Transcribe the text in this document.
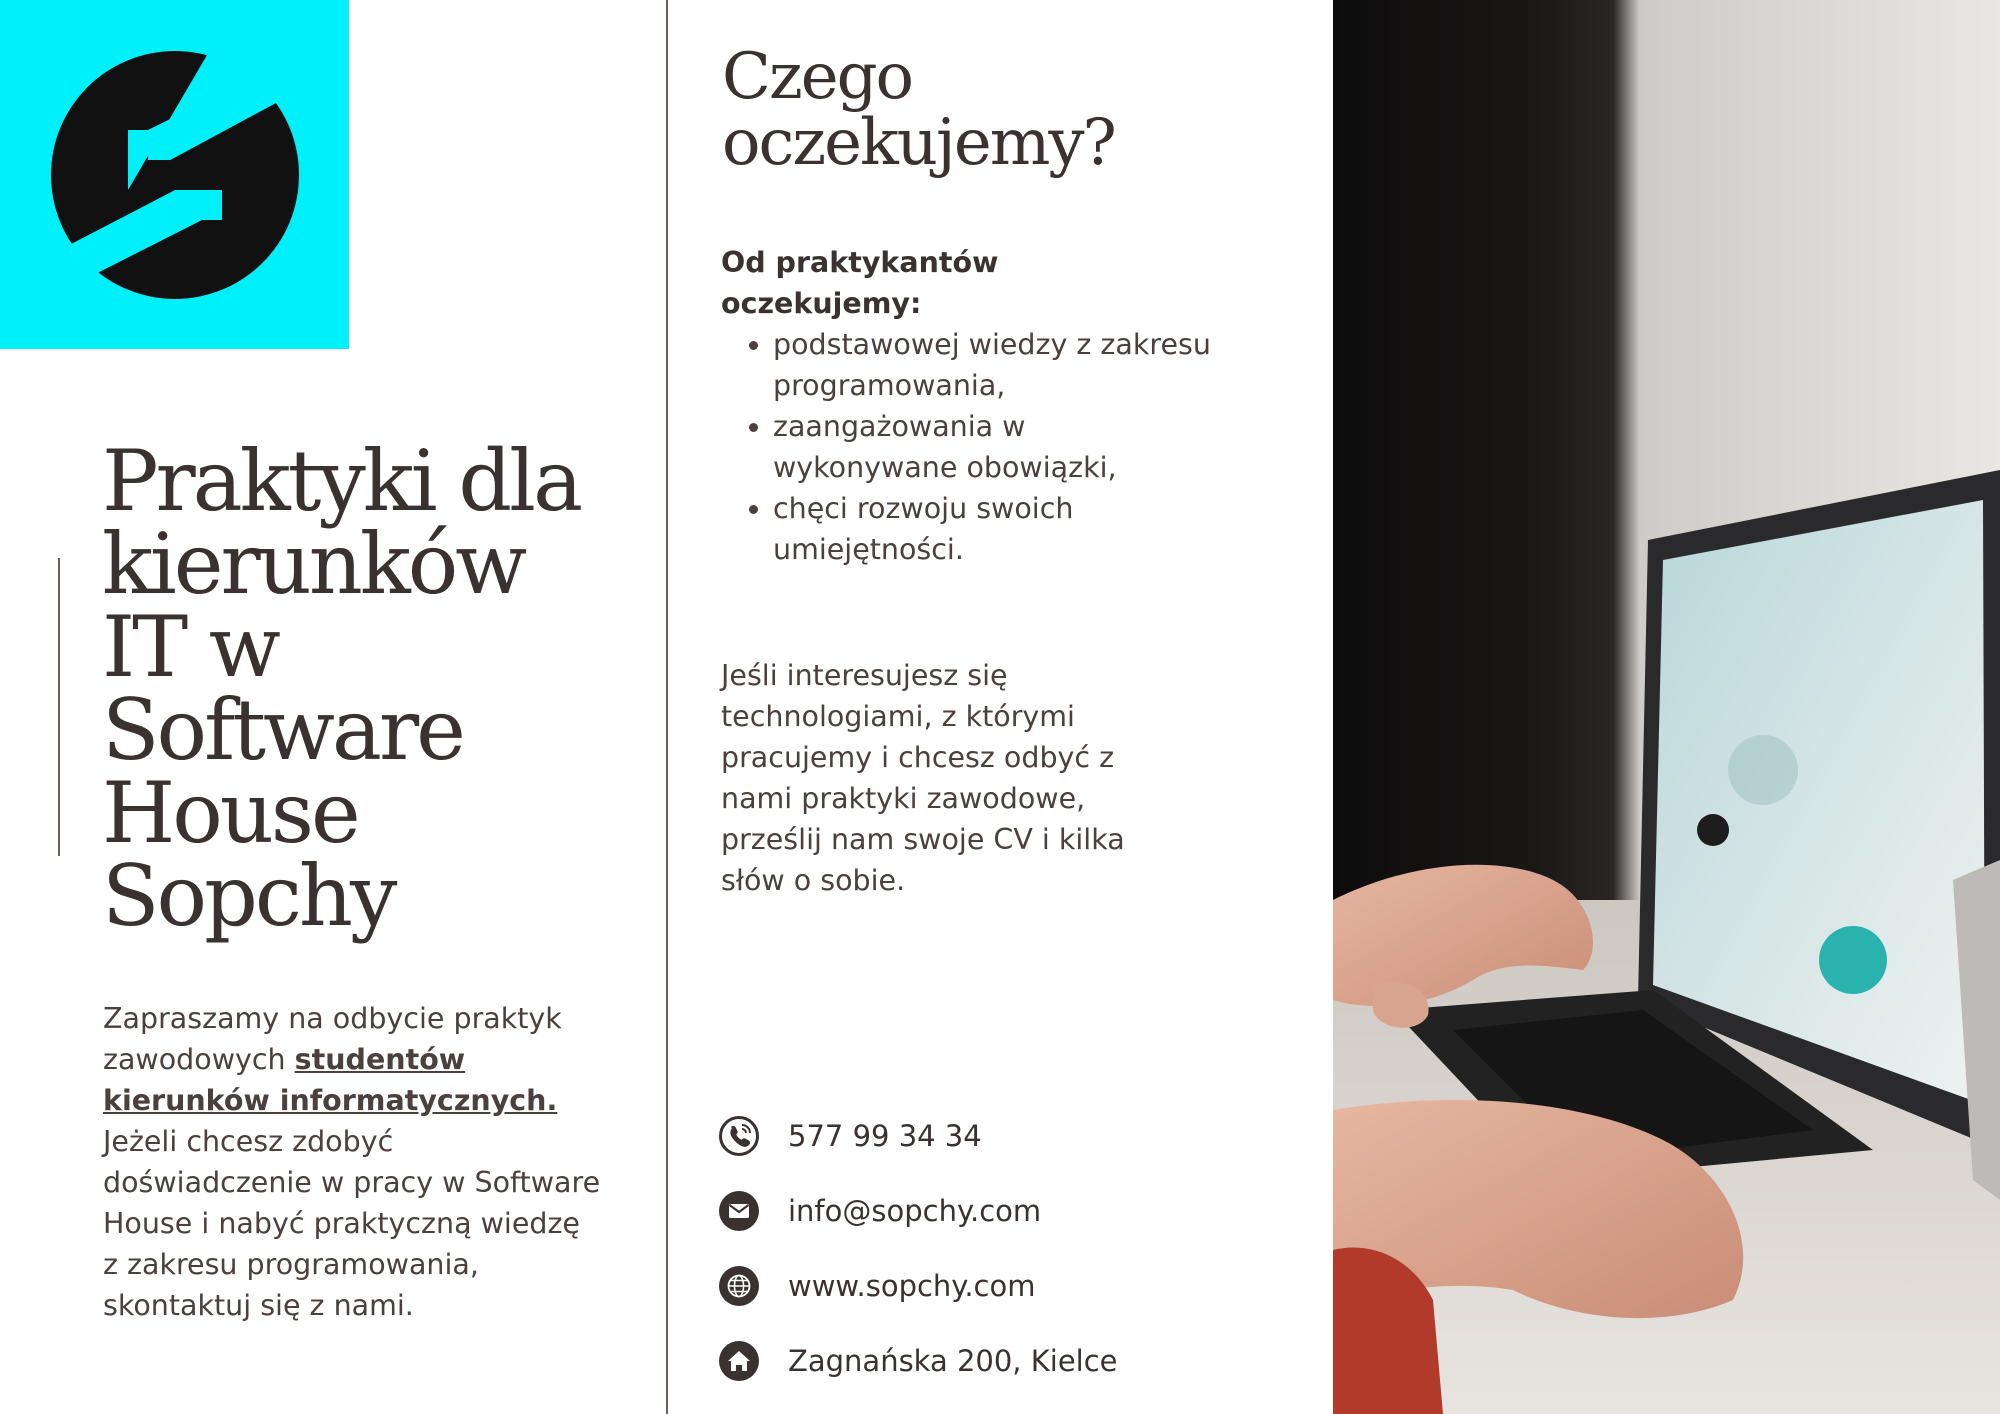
Praktyki dla kierunków IT w Software House Sopchy

Zapraszamy na odbycie praktyk zawodowych studentów kierunków informatycznych.
Jeżeli chcesz zdobyć doświadczenie w pracy w Software House i nabyć praktyczną wiedzę z zakresu programowania, skontaktuj się z nami.

Czego oczekujemy?

Od praktykantów oczekujemy:

• podstawowej wiedzy z zakresu programowania,
• zaangażowania w wykonywane obowiązki,
• chęci rozwoju swoich umiejętności.

Jeśli interesujesz się technologiami, z którymi pracujemy i chcesz odbyć z nami praktyki zawodowe, prześlij nam swoje CV i kilka słów o sobie.

577 99 34 34
info@sopchy.com
www.sopchy.com
Zagnańska 200, Kielce
